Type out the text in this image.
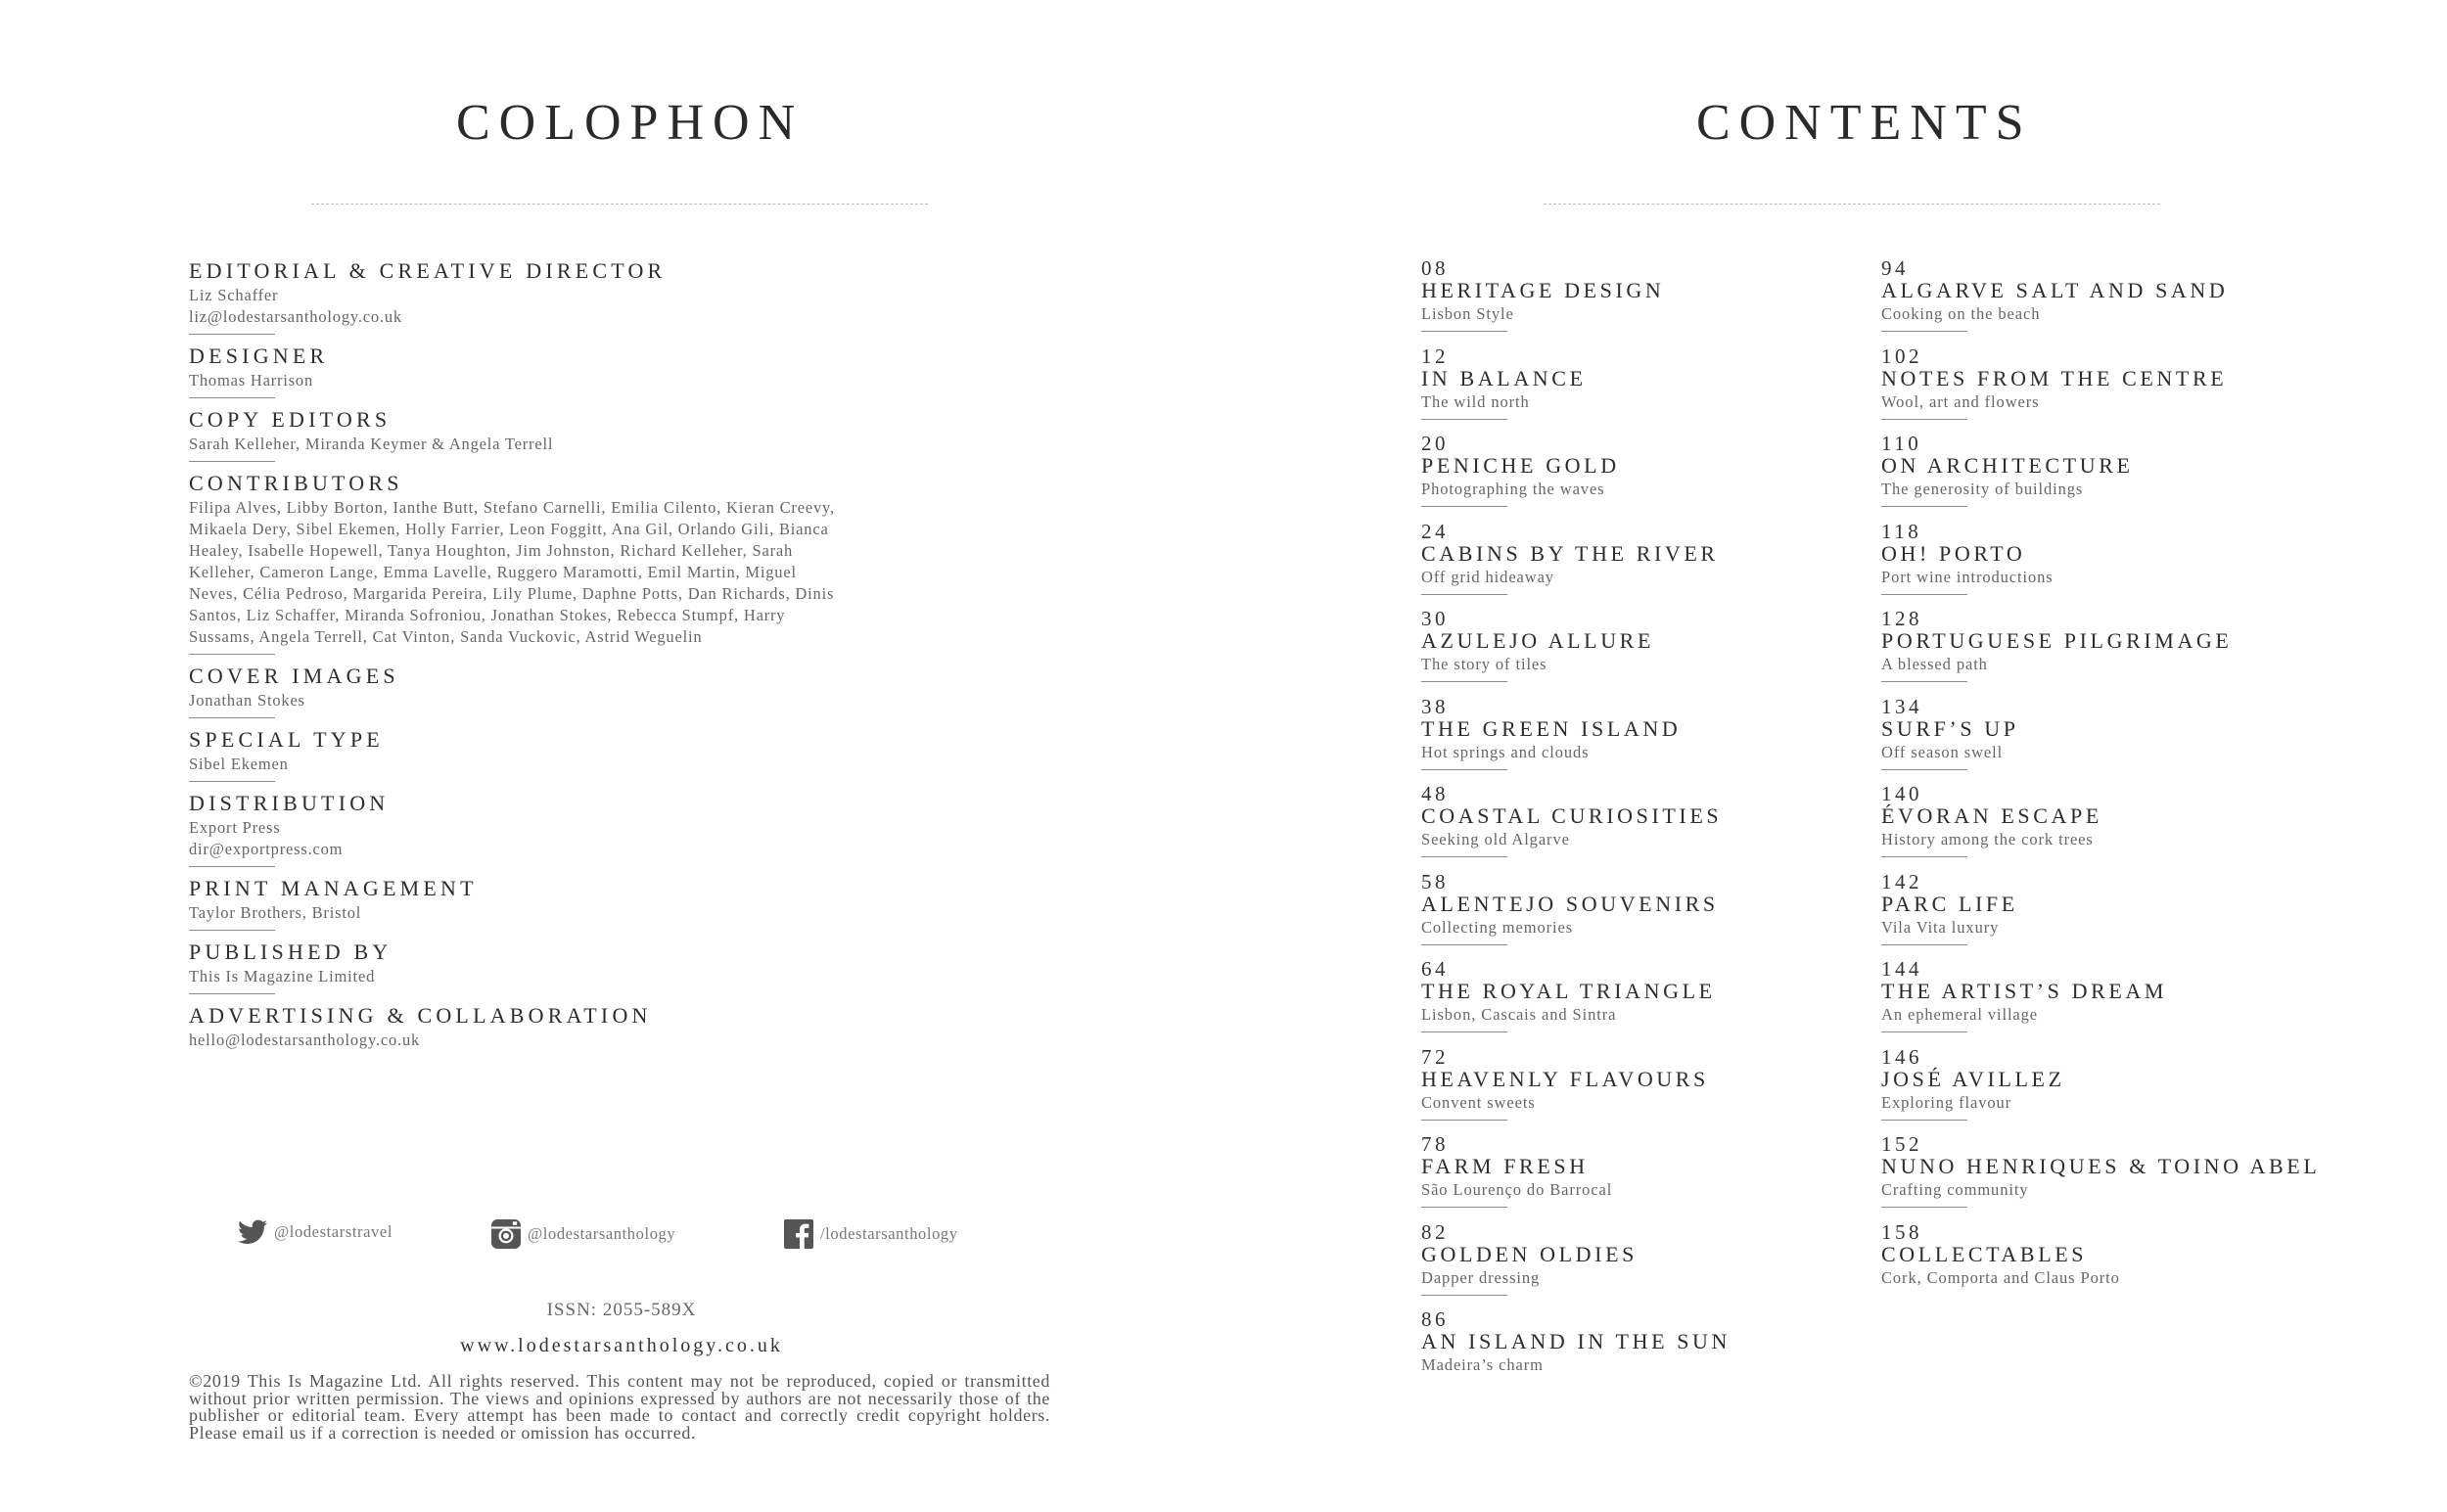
COLOPHON
EDITORIAL & CREATIVE DIRECTOR
Liz Schaffer
liz@lodestarsanthology.co.uk
DESIGNER
Thomas Harrison
COPY EDITORS
Sarah Kelleher, Miranda Keymer & Angela Terrell
CONTRIBUTORS
Filipa Alves, Libby Borton, Ianthe Butt, Stefano Carnelli, Emilia Cilento, Kieran Creevy, Mikaela Dery, Sibel Ekemen, Holly Farrier, Leon Foggitt, Ana Gil, Orlando Gili, Bianca Healey, Isabelle Hopewell, Tanya Houghton, Jim Johnston, Richard Kelleher, Sarah Kelleher, Cameron Lange, Emma Lavelle, Ruggero Maramotti, Emil Martin, Miguel Neves, Célia Pedroso, Margarida Pereira, Lily Plume, Daphne Potts, Dan Richards, Dinis Santos, Liz Schaffer, Miranda Sofroniou, Jonathan Stokes, Rebecca Stumpf, Harry Sussams, Angela Terrell, Cat Vinton, Sanda Vuckovic, Astrid Weguelin
COVER IMAGES
Jonathan Stokes
SPECIAL TYPE
Sibel Ekemen
DISTRIBUTION
Export Press
dir@exportpress.com
PRINT MANAGEMENT
Taylor Brothers, Bristol
PUBLISHED BY
This Is Magazine Limited
ADVERTISING & COLLABORATION
hello@lodestarsanthology.co.uk
@lodestarstravel	@lodestarsanthology	/lodestarsanthology
ISSN: 2055-589X
www.lodestarsanthology.co.uk
©2019 This Is Magazine Ltd. All rights reserved. This content may not be reproduced, copied or transmitted without prior written permission. The views and opinions expressed by authors are not necessarily those of the publisher or editorial team. Every attempt has been made to contact and correctly credit copyright holders. Please email us if a correction is needed or omission has occurred.
CONTENTS
08
HERITAGE DESIGN
Lisbon Style
12
IN BALANCE
The wild north
20
PENICHE GOLD
Photographing the waves
24
CABINS BY THE RIVER
Off grid hideaway
30
AZULEJO ALLURE
The story of tiles
38
THE GREEN ISLAND
Hot springs and clouds
48
COASTAL CURIOSITIES
Seeking old Algarve
58
ALENTEJO SOUVENIRS
Collecting memories
64
THE ROYAL TRIANGLE
Lisbon, Cascais and Sintra
72
HEAVENLY FLAVOURS
Convent sweets
78
FARM FRESH
São Lourenço do Barrocal
82
GOLDEN OLDIES
Dapper dressing
86
AN ISLAND IN THE SUN
Madeira’s charm
94
ALGARVE SALT AND SAND
Cooking on the beach
102
NOTES FROM THE CENTRE
Wool, art and flowers
110
ON ARCHITECTURE
The generosity of buildings
118
OH! PORTO
Port wine introductions
128
PORTUGUESE PILGRIMAGE
A blessed path
134
SURF’S UP
Off season swell
140
ÉVORAN ESCAPE
History among the cork trees
142
PARC LIFE
Vila Vita luxury
144
THE ARTIST’S DREAM
An ephemeral village
146
JOSÉ AVILLEZ
Exploring flavour
152
NUNO HENRIQUES & TOINO ABEL
Crafting community
158
COLLECTABLES
Cork, Comporta and Claus Porto
